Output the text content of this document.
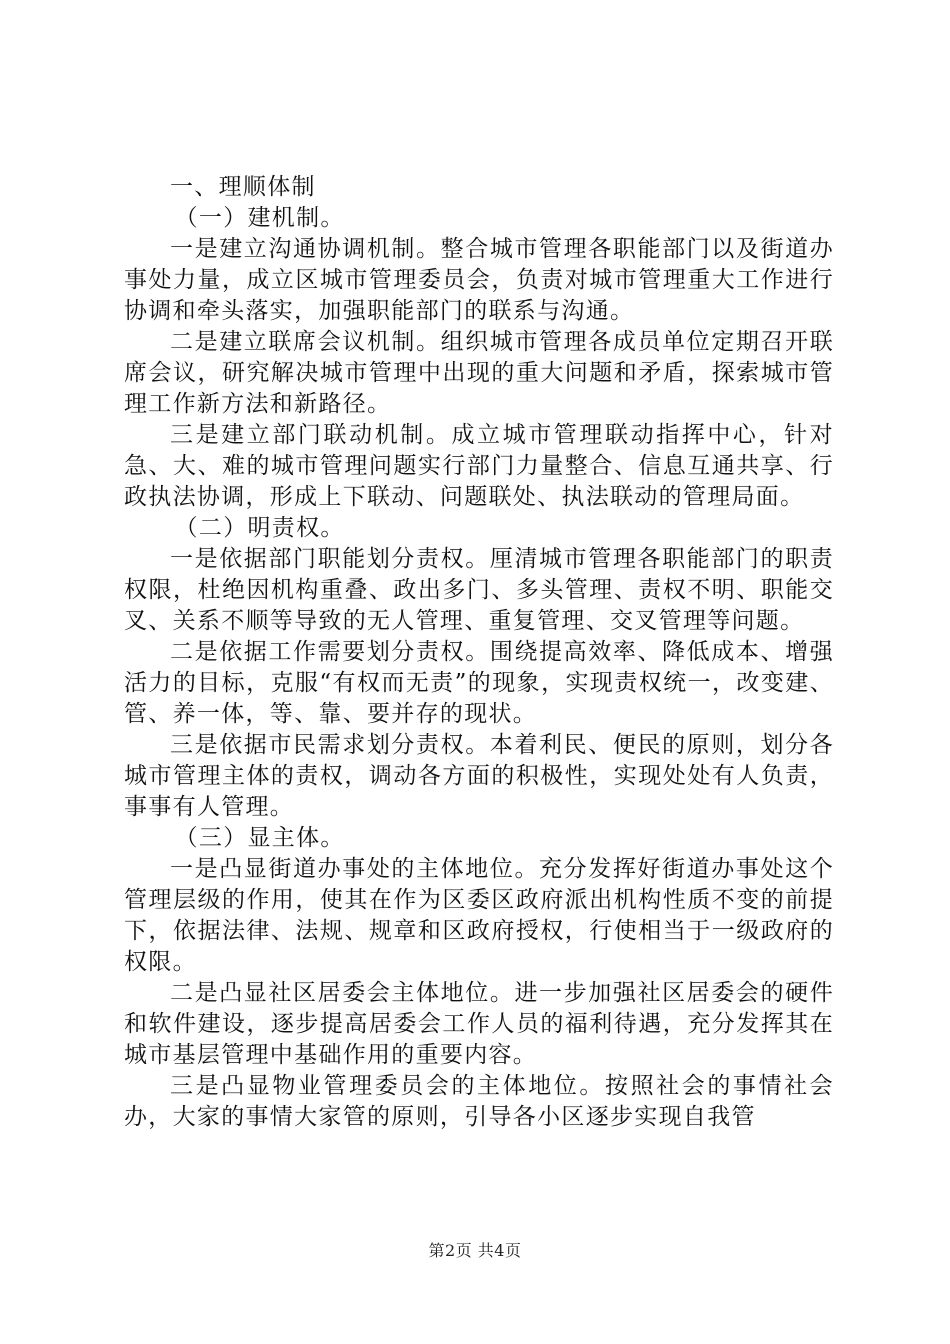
一、理顺体制

（一）建机制。

一是建立沟通协调机制。整合城市管理各职能部门以及街道办事处力量，成立区城市管理委员会，负责对城市管理重大工作进行协调和牵头落实，加强职能部门的联系与沟通。

二是建立联席会议机制。组织城市管理各成员单位定期召开联席会议，研究解决城市管理中出现的重大问题和矛盾，探索城市管理工作新方法和新路径。

三是建立部门联动机制。成立城市管理联动指挥中心，针对急、大、难的城市管理问题实行部门力量整合、信息互通共享、行政执法协调，形成上下联动、问题联处、执法联动的管理局面。

（二）明责权。

一是依据部门职能划分责权。厘清城市管理各职能部门的职责权限，杜绝因机构重叠、政出多门、多头管理、责权不明、职能交叉、关系不顺等导致的无人管理、重复管理、交叉管理等问题。

二是依据工作需要划分责权。围绕提高效率、降低成本、增强活力的目标，克服“有权而无责”的现象，实现责权统一，改变建、管、养一体，等、靠、要并存的现状。

三是依据市民需求划分责权。本着利民、便民的原则，划分各城市管理主体的责权，调动各方面的积极性，实现处处有人负责，事事有人管理。

（三）显主体。

一是凸显街道办事处的主体地位。充分发挥好街道办事处这个管理层级的作用，使其在作为区委区政府派出机构性质不变的前提下，依据法律、法规、规章和区政府授权，行使相当于一级政府的权限。

二是凸显社区居委会主体地位。进一步加强社区居委会的硬件和软件建设，逐步提高居委会工作人员的福利待遇，充分发挥其在城市基层管理中基础作用的重要内容。

三是凸显物业管理委员会的主体地位。按照社会的事情社会办，大家的事情大家管的原则，引导各小区逐步实现自我管

第2页 共4页
